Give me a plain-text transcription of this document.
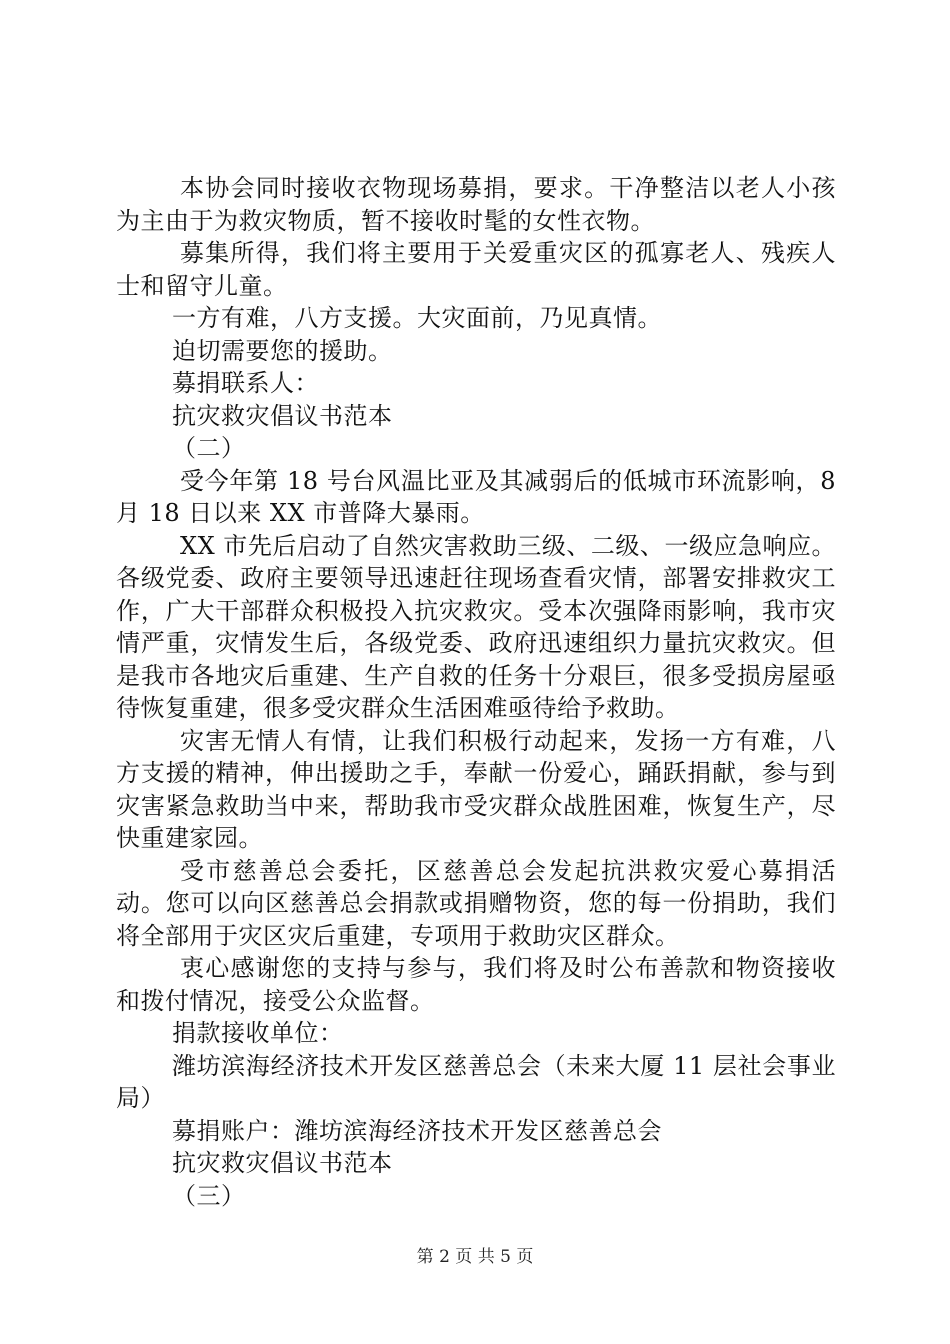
本协会同时接收衣物现场募捐，要求。干净整洁以老人小孩为主由于为救灾物质，暂不接收时髦的女性衣物。

募集所得，我们将主要用于关爱重灾区的孤寡老人、残疾人士和留守儿童。

一方有难，八方支援。大灾面前，乃见真情。

迫切需要您的援助。

募捐联系人：

抗灾救灾倡议书范本

（二）

受今年第 18 号台风温比亚及其减弱后的低城市环流影响，8 月 18 日以来 XX 市普降大暴雨。

XX 市先后启动了自然灾害救助三级、二级、一级应急响应。各级党委、政府主要领导迅速赶往现场查看灾情，部署安排救灾工作，广大干部群众积极投入抗灾救灾。受本次强降雨影响，我市灾情严重，灾情发生后，各级党委、政府迅速组织力量抗灾救灾。但是我市各地灾后重建、生产自救的任务十分艰巨，很多受损房屋亟待恢复重建，很多受灾群众生活困难亟待给予救助。

灾害无情人有情，让我们积极行动起来，发扬一方有难，八方支援的精神，伸出援助之手，奉献一份爱心，踊跃捐献，参与到灾害紧急救助当中来，帮助我市受灾群众战胜困难，恢复生产，尽快重建家园。

受市慈善总会委托，区慈善总会发起抗洪救灾爱心募捐活动。您可以向区慈善总会捐款或捐赠物资，您的每一份捐助，我们将全部用于灾区灾后重建，专项用于救助灾区群众。

衷心感谢您的支持与参与，我们将及时公布善款和物资接收和拨付情况，接受公众监督。

捐款接收单位：

潍坊滨海经济技术开发区慈善总会（未来大厦 11 层社会事业局）

募捐账户：潍坊滨海经济技术开发区慈善总会

抗灾救灾倡议书范本

（三）

第 2 页 共 5 页
